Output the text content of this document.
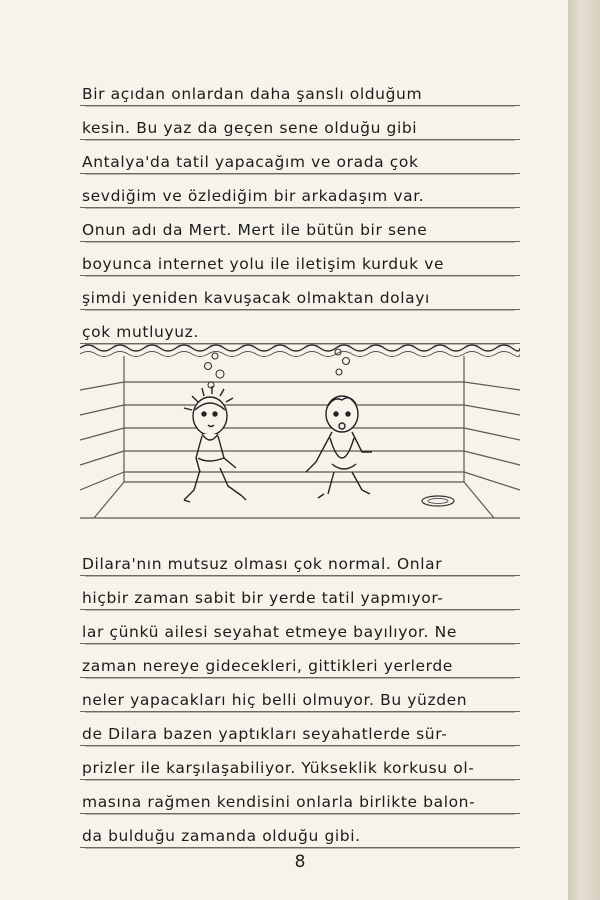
Bir açıdan onlardan daha şanslı olduğum
kesin. Bu yaz da geçen sene olduğu gibi
Antalya'da tatil yapacağım ve orada çok
sevdiğim ve özlediğim bir arkadaşım var.
Onun adı da Mert. Mert ile bütün bir sene
boyunca internet yolu ile iletişim kurduk ve
şimdi yeniden kavuşacak olmaktan dolayı
çok mutluyuz.
Dilara'nın mutsuz olması çok normal. Onlar
hiçbir zaman sabit bir yerde tatil yapmıyor-
lar çünkü ailesi seyahat etmeye bayılıyor. Ne
zaman nereye gidecekleri, gittikleri yerlerde
neler yapacakları hiç belli olmuyor. Bu yüzden
de Dilara bazen yaptıkları seyahatlerde sür-
prizler ile karşılaşabiliyor. Yükseklik korkusu ol-
masına rağmen kendisini onlarla birlikte balon-
da bulduğu zamanda olduğu gibi.
8
